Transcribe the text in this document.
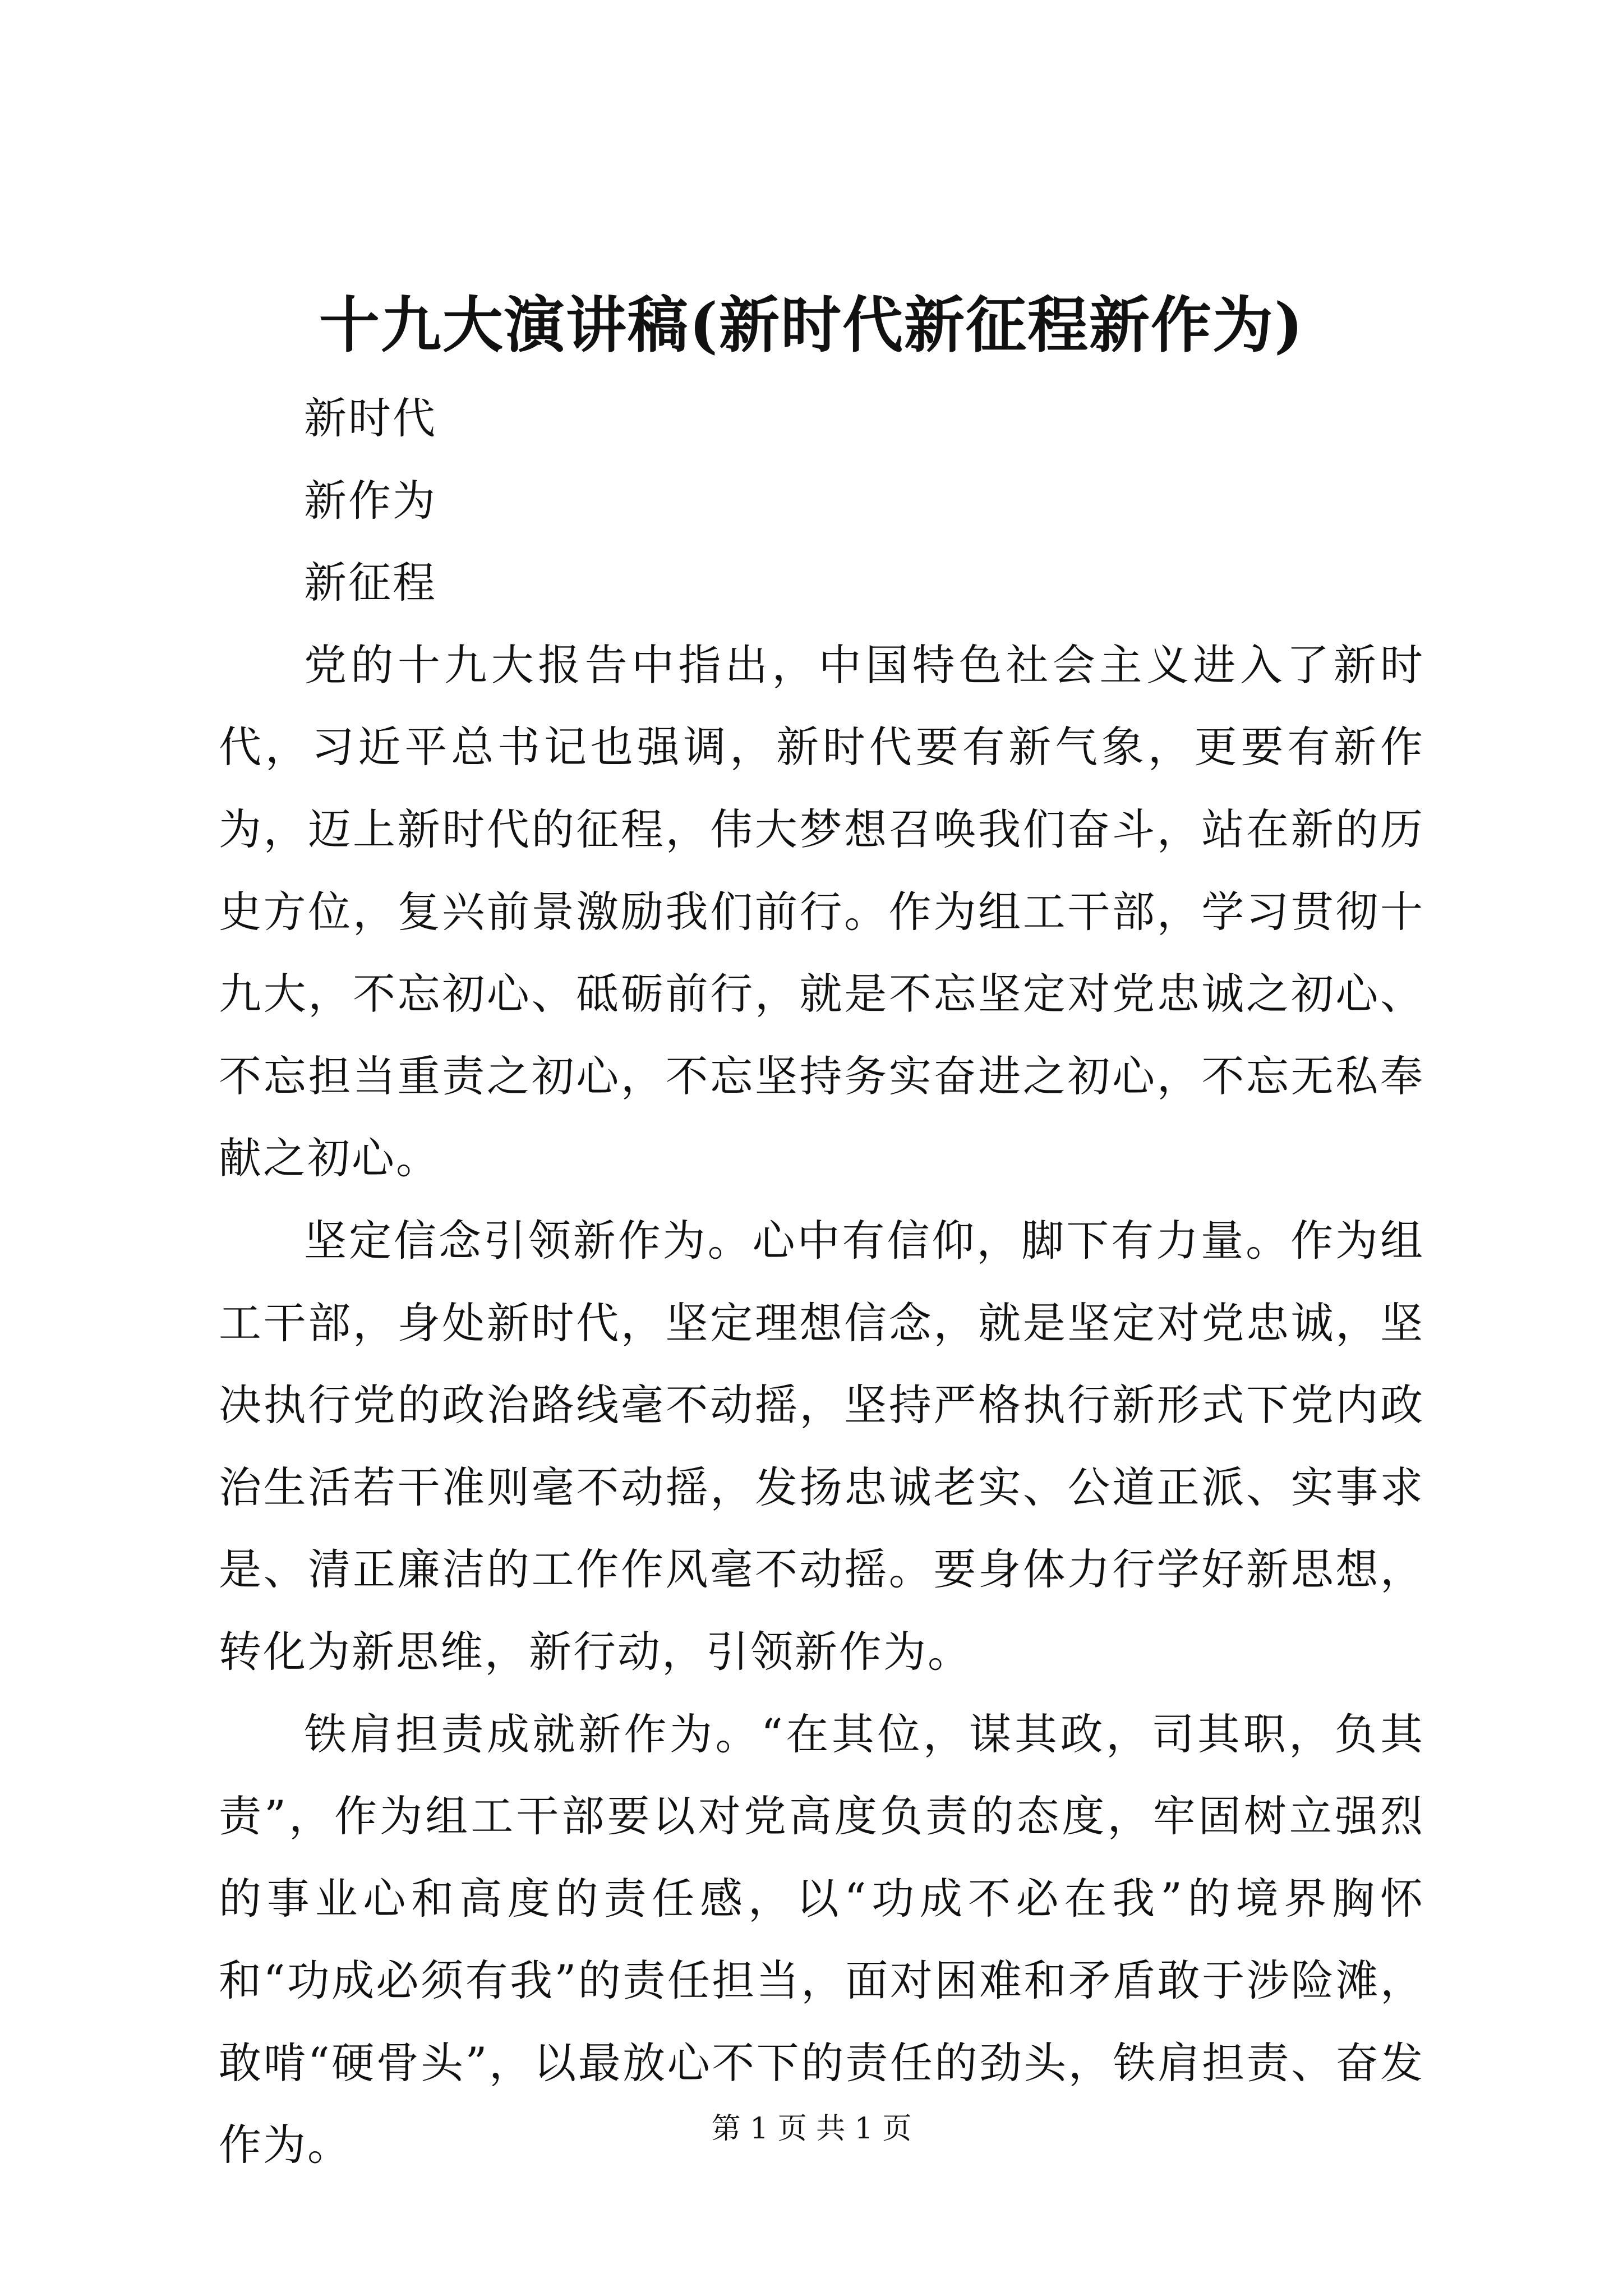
十九大演讲稿(新时代新征程新作为)

新时代

新作为

新征程

党的十九大报告中指出，中国特色社会主义进入了新时代，习近平总书记也强调，新时代要有新气象，更要有新作为，迈上新时代的征程，伟大梦想召唤我们奋斗，站在新的历史方位，复兴前景激励我们前行。作为组工干部，学习贯彻十九大，不忘初心、砥砺前行，就是不忘坚定对党忠诚之初心、不忘担当重责之初心，不忘坚持务实奋进之初心，不忘无私奉献之初心。

坚定信念引领新作为。心中有信仰，脚下有力量。作为组工干部，身处新时代，坚定理想信念，就是坚定对党忠诚，坚决执行党的政治路线毫不动摇，坚持严格执行新形式下党内政治生活若干准则毫不动摇，发扬忠诚老实、公道正派、实事求是、清正廉洁的工作作风毫不动摇。要身体力行学好新思想，转化为新思维，新行动，引领新作为。

铁肩担责成就新作为。“在其位，谋其政，司其职，负其责”，作为组工干部要以对党高度负责的态度，牢固树立强烈的事业心和高度的责任感，以“功成不必在我”的境界胸怀和“功成必须有我”的责任担当，面对困难和矛盾敢于涉险滩，敢啃“硬骨头”，以最放心不下的责任的劲头，铁肩担责、奋发作为。	第 1 页 共 1 页
